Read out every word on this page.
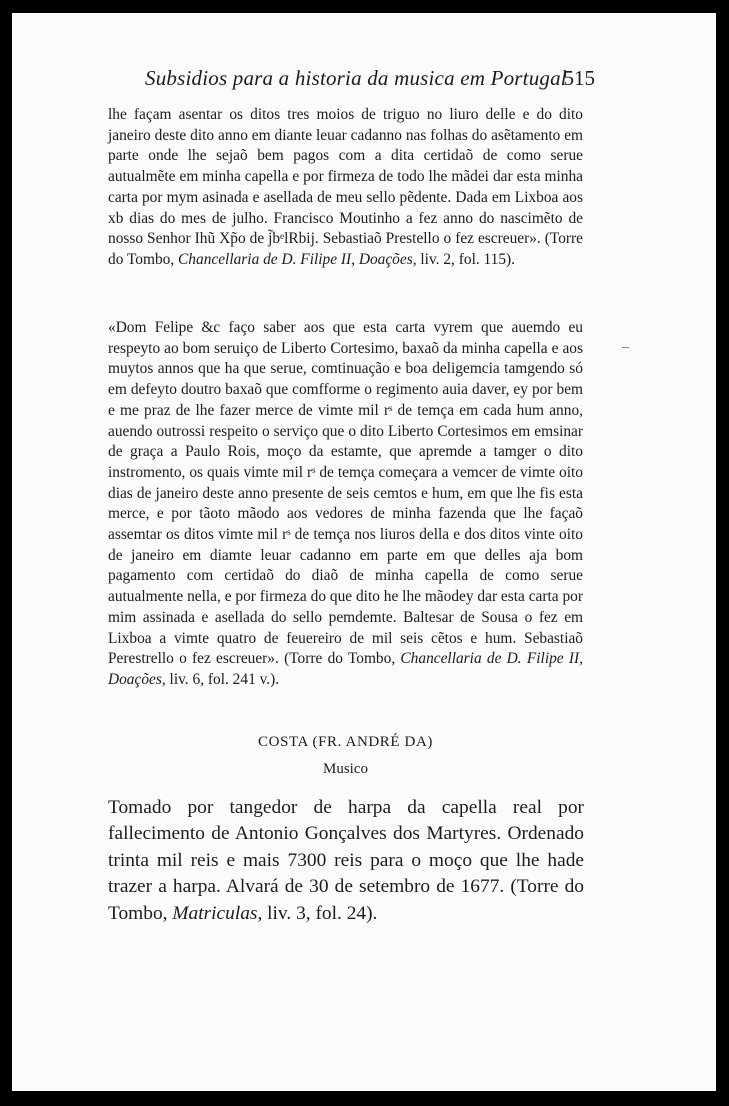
Subsidios para a historia da musica em Portugal
515

lhe façam asentar os ditos tres moios de triguo no liuro delle e do dito janeiro deste dito anno em diante leuar cadanno nas folhas do asẽtamento em parte onde lhe sejaõ bem pagos com a dita certidaõ de como serue autualmẽte em minha capella e por firmeza de todo lhe mãdei dar esta minha carta por mym asinada e asellada de meu sello pẽdente. Dada em Lixboa aos xb dias do mes de julho. Francisco Moutinho a fez anno do nascimẽto de nosso Senhor Ihũ Xp̃o de j̃bᵉlRbij. Sebastiaõ Prestello o fez escreuer». (Torre do Tombo, Chancellaria de D. Filipe II, Doações, liv. 2, fol. 115).

«Dom Felipe &c faço saber aos que esta carta vyrem que auemdo eu respeyto ao bom seruiço de Liberto Cortesimo, baxaõ da minha capella e aos muytos annos que ha que serue, comtinuação e boa deligemcia tamgendo só em defeyto doutro baxaõ que comfforme o regimento auia daver, ey por bem e me praz de lhe fazer merce de vimte mil rˢ de temça em cada hum anno, auendo outrossi respeito o serviço que o dito Liberto Cortesimos em emsinar de graça a Paulo Rois, moço da estamte, que apremde a tamger o dito instromento, os quais vimte mil rˢ de temça começara a vemcer de vimte oito dias de janeiro deste anno presente de seis cemtos e hum, em que lhe fis esta merce, e por tãoto mãodo aos vedores de minha fazenda que lhe façaõ assemtar os ditos vimte mil rˢ de temça nos liuros della e dos ditos vinte oito de janeiro em diamte leuar cadanno em parte em que delles aja bom pagamento com certidaõ do diaõ de minha capella de como serue autualmente nella, e por firmeza do que dito he lhe mãodey dar esta carta por mim assinada e asellada do sello pemdemte. Baltesar de Sousa o fez em Lixboa a vimte quatro de feuereiro de mil seis cẽtos e hum. Sebastiaõ Perestrello o fez escreuer». (Torre do Tombo, Chancellaria de D. Filipe II, Doações, liv. 6, fol. 241 v.).

COSTA (FR. ANDRÉ DA)
Musico

Tomado por tangedor de harpa da capella real por fallecimento de Antonio Gonçalves dos Martyres. Ordenado trinta mil reis e mais 7300 reis para o moço que lhe hade trazer a harpa. Alvará de 30 de setembro de 1677. (Torre do Tombo, Matriculas, liv. 3, fol. 24).
